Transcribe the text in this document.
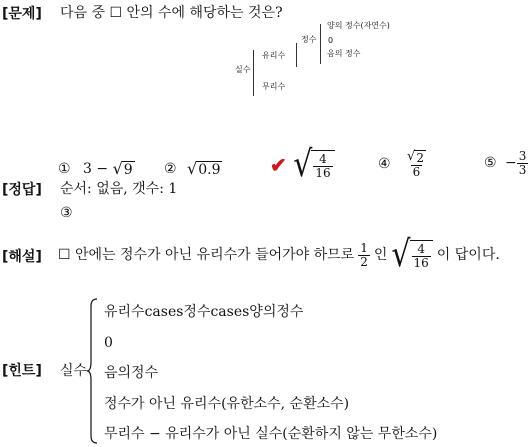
[문제] 다음 중 ☐ 안의 수에 해당하는 것은?
실수
유리수
무리수
정수
양의 정수(자연수)
0
음의 정수
① 3 − √ 9 ② √ 0.9 ✔ √ $\frac{4}{16}$	④ $\frac{√ 2}{6}$	⑤ − $\frac{3}{3}$
[정답] 순서: 없음, 갯수: 1
③
[해설] ☐ 안에는 정수가 아닌 유리수가 들어가야 하므로 $\frac{1}{2}$ 인 √ $\frac{4}{16}$ 이 답이다.
[힌트] 실수
유리수cases정수cases양의정수
0
음의정수
정수가 아닌 유리수(유한소수, 순환소수)
무리수 − 유리수가 아닌 실수(순환하지 않는 무한소수)
